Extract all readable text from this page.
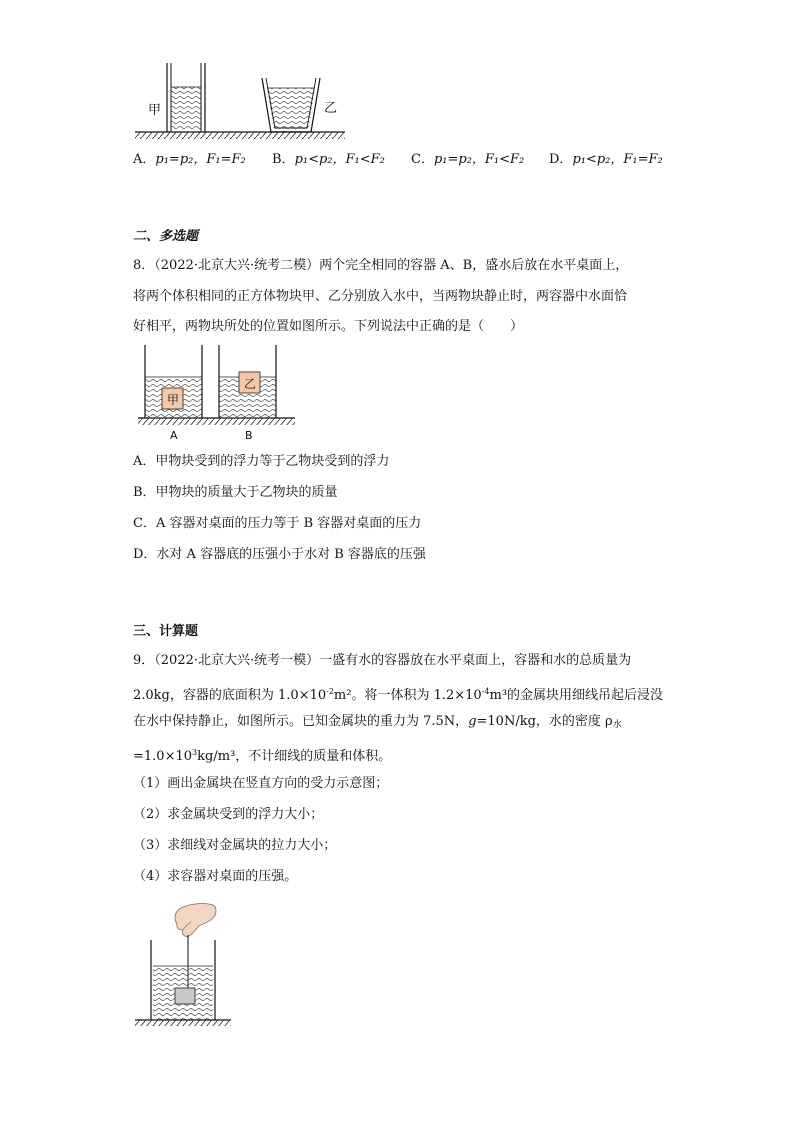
甲	乙
A．p₁=p₂，F₁=F₂ B．p₁<p₂，F₁<F₂ C．p₁=p₂，F₁<F₂ D．p₁<p₂，F₁=F₂
二、多选题
8．（2022·北京大兴·统考二模）两个完全相同的容器 A、B，盛水后放在水平桌面上，
将两个体积相同的正方体物块甲、乙分别放入水中，当两物块静止时，两容器中水面恰
好相平，两物块所处的位置如图所示。下列说法中正确的是（　　）
甲
乙
A	B
A．甲物块受到的浮力等于乙物块受到的浮力
B．甲物块的质量大于乙物块的质量
C．A 容器对桌面的压力等于 B 容器对桌面的压力
D．水对 A 容器底的压强小于水对 B 容器底的压强
三、计算题
9．（2022·北京大兴·统考一模）一盛有水的容器放在水平桌面上，容器和水的总质量为
2.0kg，容器的底面积为 $1.0\times 10^{-2}m^2$。将一体积为 $1.2\times 10^{-4}m^3$的金属块用细线吊起后浸没
在水中保持静止，如图所示。已知金属块的重力为 7.5N，g=10N/kg，水的密度 $\rho_水$
$=1.0\times 10^3kg/m^3$，不计细线的质量和体积。
（1）画出金属块在竖直方向的受力示意图；
（2）求金属块受到的浮力大小；
（3）求细线对金属块的拉力大小；
（4）求容器对桌面的压强。
